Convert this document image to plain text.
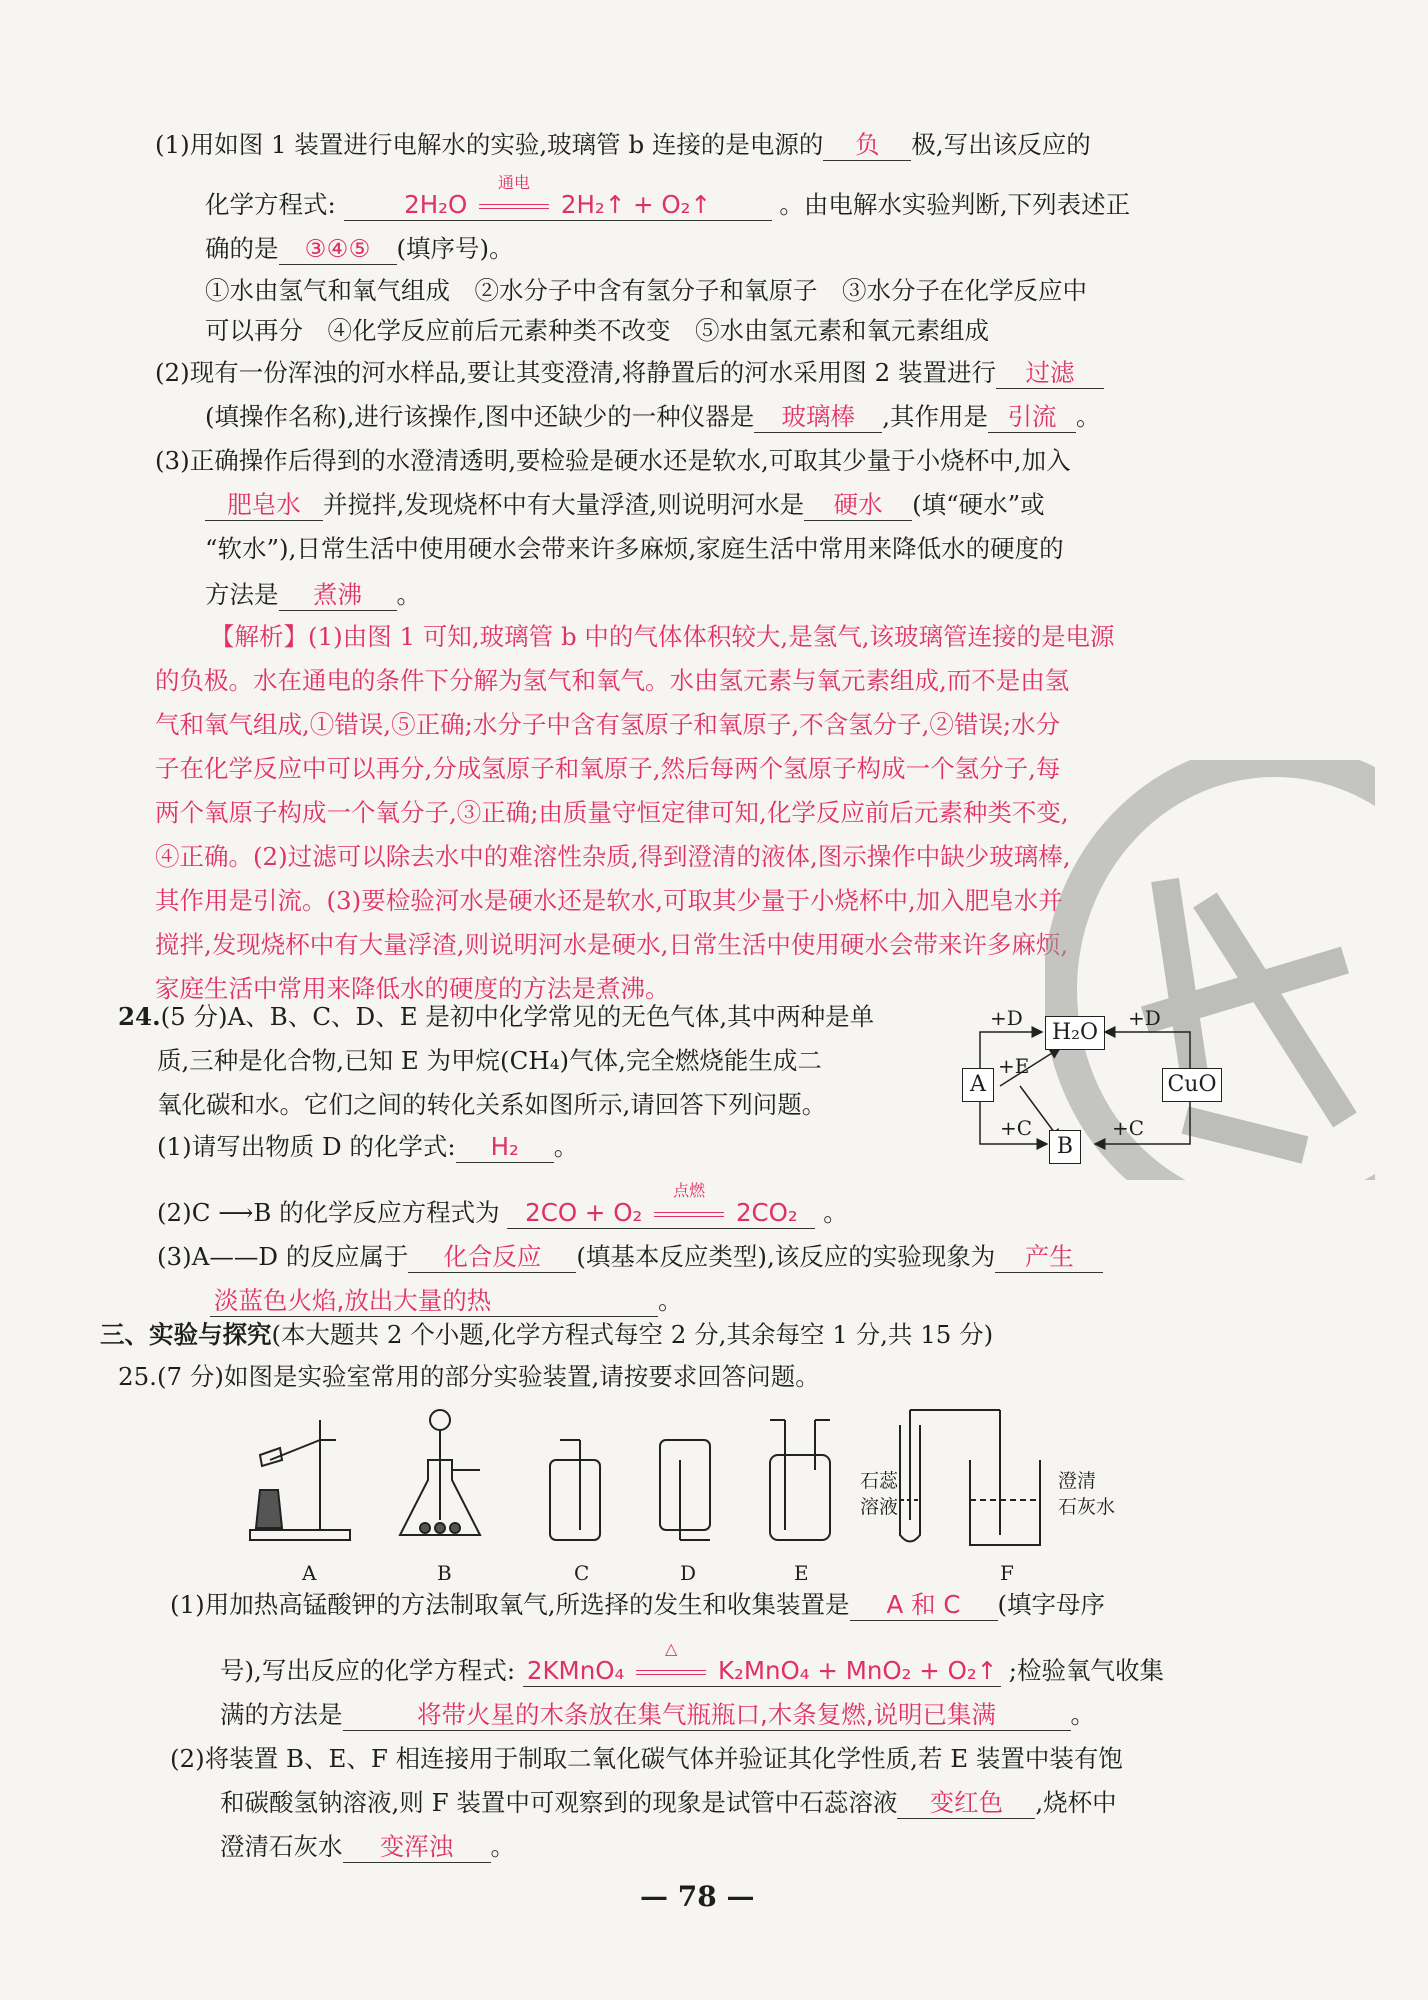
(1)用如图 1 装置进行电解水的实验,玻璃管 b 连接的是电源的 负 极,写出该反应的
化学方程式:	2H₂O
通电
2H₂↑ + O₂↑	。由电解水实验判断,下列表述正
确的是 ③④⑤ (填序号)。
①水由氢气和氧气组成　②水分子中含有氢分子和氧原子　③水分子在化学反应中
可以再分　④化学反应前后元素种类不改变　⑤水由氢元素和氧元素组成
(2)现有一份浑浊的河水样品,要让其变澄清,将静置后的河水采用图 2 装置进行 过滤
(填操作名称),进行该操作,图中还缺少的一种仪器是 玻璃棒 ,其作用是 引流 。
(3)正确操作后得到的水澄清透明,要检验是硬水还是软水,可取其少量于小烧杯中,加入
肥皂水 并搅拌,发现烧杯中有大量浮渣,则说明河水是 硬水 (填“硬水”或
“软水”),日常生活中使用硬水会带来许多麻烦,家庭生活中常用来降低水的硬度的
方法是 煮沸 。
【解析】(1)由图 1 可知,玻璃管 b 中的气体体积较大,是氢气,该玻璃管连接的是电源
的负极。水在通电的条件下分解为氢气和氧气。水由氢元素与氧元素组成,而不是由氢
气和氧气组成,①错误,⑤正确;水分子中含有氢原子和氧原子,不含氢分子,②错误;水分
子在化学反应中可以再分,分成氢原子和氧原子,然后每两个氢原子构成一个氢分子,每
两个氧原子构成一个氧分子,③正确;由质量守恒定律可知,化学反应前后元素种类不变,
④正确。(2)过滤可以除去水中的难溶性杂质,得到澄清的液体,图示操作中缺少玻璃棒,
其作用是引流。(3)要检验河水是硬水还是软水,可取其少量于小烧杯中,加入肥皂水并
搅拌,发现烧杯中有大量浮渣,则说明河水是硬水,日常生活中使用硬水会带来许多麻烦,
家庭生活中常用来降低水的硬度的方法是煮沸。
24.(5 分)A、B、C、D、E 是初中化学常见的无色气体,其中两种是单
质,三种是化合物,已知 E 为甲烷(CH₄)气体,完全燃烧能生成二
氧化碳和水。它们之间的转化关系如图所示,请回答下列问题。
(1)请写出物质 D 的化学式: H₂ 。
(2)C ⟶B 的化学反应方程式为 2CO + O₂
点燃
2CO₂ 。
(3)A——D 的反应属于 化合反应 (填基本反应类型),该反应的实验现象为 产生
淡蓝色火焰,放出大量的热	。
H₂O
A	CuO
B
+D	+D
+E
+C	+C
三、实验与探究(本大题共 2 个小题,化学方程式每空 2 分,其余每空 1 分,共 15 分)
25.(7 分)如图是实验室常用的部分实验装置,请按要求回答问题。
石蕊
溶液
澄清
石灰水
A	B	C	D	E	F
(1)用加热高锰酸钾的方法制取氧气,所选择的发生和收集装置是 A 和 C (填字母序
号),写出反应的化学方程式: 2KMnO₄
△
K₂MnO₄ + MnO₂ + O₂↑ ;检验氧气收集
满的方法是	将带火星的木条放在集气瓶瓶口,木条复燃,说明已集满	。
(2)将装置 B、E、F 相连接用于制取二氧化碳气体并验证其化学性质,若 E 装置中装有饱
和碳酸氢钠溶液,则 F 装置中可观察到的现象是试管中石蕊溶液 变红色 ,烧杯中
澄清石灰水 变浑浊 。
— 78 —
